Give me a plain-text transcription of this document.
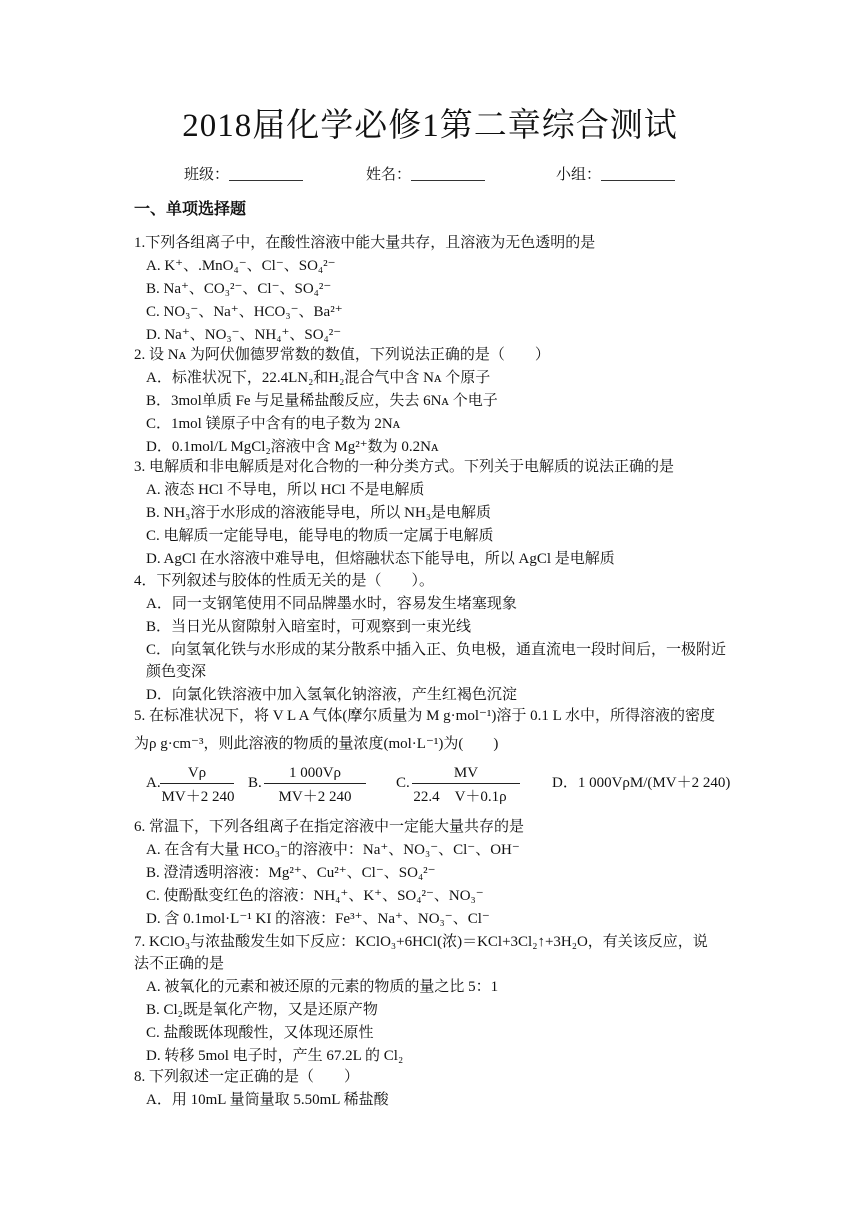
2018届化学必修1第二章综合测试
班级：	姓名：	小组：
一、单项选择题
1.下列各组离子中，在酸性溶液中能大量共存，且溶液为无色透明的是
A. K⁺、.MnO₄⁻、Cl⁻、SO₄²⁻
B. Na⁺、CO₃²⁻、Cl⁻、SO₄²⁻
C. NO₃⁻、Na⁺、HCO₃⁻、Ba²⁺
D. Na⁺、NO₃⁻、NH₄⁺、SO₄²⁻
2. 设 Nᴀ 为阿伏伽德罗常数的数值，下列说法正确的是（　　）
A．标准状况下，22.4LN₂和H₂混合气中含 Nᴀ 个原子
B．3mol单质 Fe 与足量稀盐酸反应，失去 6Nᴀ 个电子
C．1mol 镁原子中含有的电子数为 2Nᴀ
D．0.1mol/L MgCl₂溶液中含 Mg²⁺数为 0.2Nᴀ
3. 电解质和非电解质是对化合物的一种分类方式。下列关于电解质的说法正确的是
A. 液态 HCl 不导电，所以 HCl 不是电解质
B. NH₃溶于水形成的溶液能导电，所以 NH₃是电解质
C. 电解质一定能导电，能导电的物质一定属于电解质
D. AgCl 在水溶液中难导电，但熔融状态下能导电，所以 AgCl 是电解质
4．下列叙述与胶体的性质无关的是（　　）。
A．同一支钢笔使用不同品牌墨水时，容易发生堵塞现象
B．当日光从窗隙射入暗室时，可观察到一束光线
C．向氢氧化铁与水形成的某分散系中插入正、负电极，通直流电一段时间后，一极附近
颜色变深
D．向氯化铁溶液中加入氢氧化钠溶液，产生红褐色沉淀
5. 在标准状况下，将 V L A 气体(摩尔质量为 M g·mol⁻¹)溶于 0.1 L 水中，所得溶液的密度
为ρ g·cm⁻³，则此溶液的物质的量浓度(mol·L⁻¹)为(　　)
A.
Vρ
MV＋2 240
B.
1 000Vρ
MV＋2 240
C.
MV
22.4　V＋0.1ρ
D．1 000VρM/(MV＋2 240)
6. 常温下，下列各组离子在指定溶液中一定能大量共存的是
A. 在含有大量 HCO₃⁻的溶液中：Na⁺、NO₃⁻、Cl⁻、OH⁻
B. 澄清透明溶液：Mg²⁺、Cu²⁺、Cl⁻、SO₄²⁻
C. 使酚酞变红色的溶液：NH₄⁺、K⁺、SO₄²⁻、NO₃⁻
D. 含 0.1mol·L⁻¹ KI 的溶液：Fe³⁺、Na⁺、NO₃⁻、Cl⁻
7. KClO₃与浓盐酸发生如下反应：KClO₃+6HCl(浓)＝KCl+3Cl₂↑+3H₂O，有关该反应，说
法不正确的是
A. 被氧化的元素和被还原的元素的物质的量之比 5：1
B. Cl₂既是氧化产物，又是还原产物
C. 盐酸既体现酸性，又体现还原性
D. 转移 5mol 电子时，产生 67.2L 的 Cl₂
8. 下列叙述一定正确的是（　　）
A．用 10mL 量筒量取 5.50mL 稀盐酸
